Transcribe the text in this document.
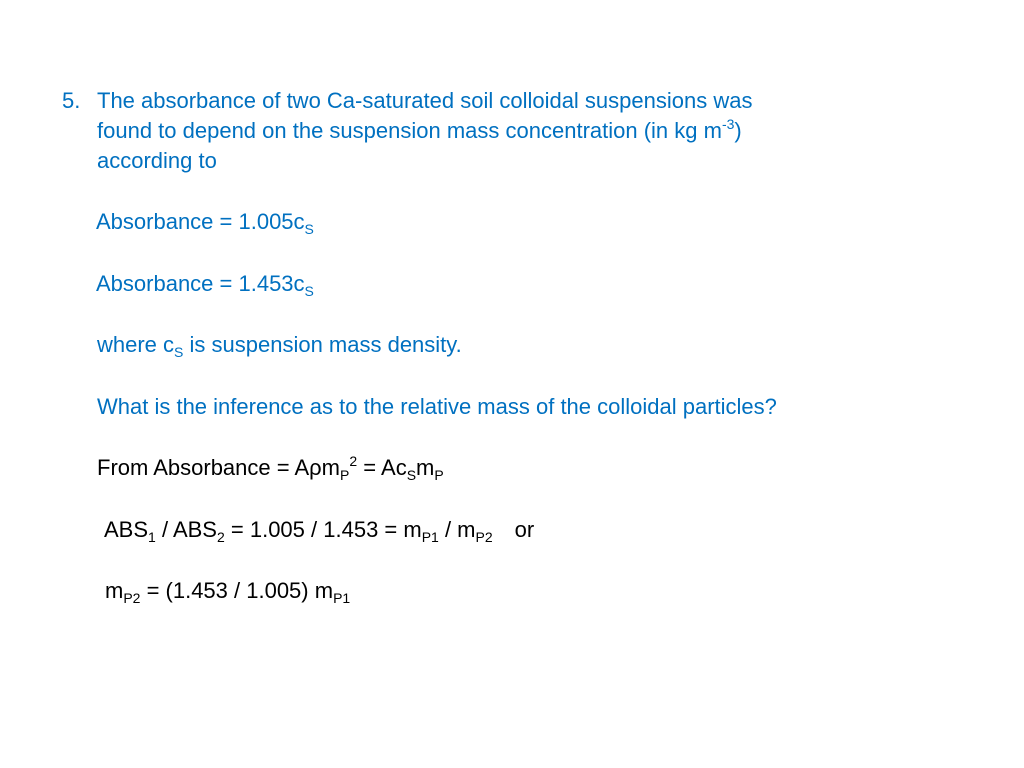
5. The absorbance of two Ca-saturated soil colloidal suspensions was
found to depend on the suspension mass concentration (in kg $m^{-3}$)
according to
Absorbance = $1.005c_S$
Absorbance = $1.453c_S$
where $c_S$ is suspension mass density.
What is the inference as to the relative mass of the colloidal particles?
From Absorbance = $A\rho m_P^2 = Ac_Sm_P$
$ABS_1 / ABS_2 = 1.005 / 1.453 = m_{P1} / m_{P2}$ or
$m_{P2} = (1.453 / 1.005)$ $m_{P1}$
